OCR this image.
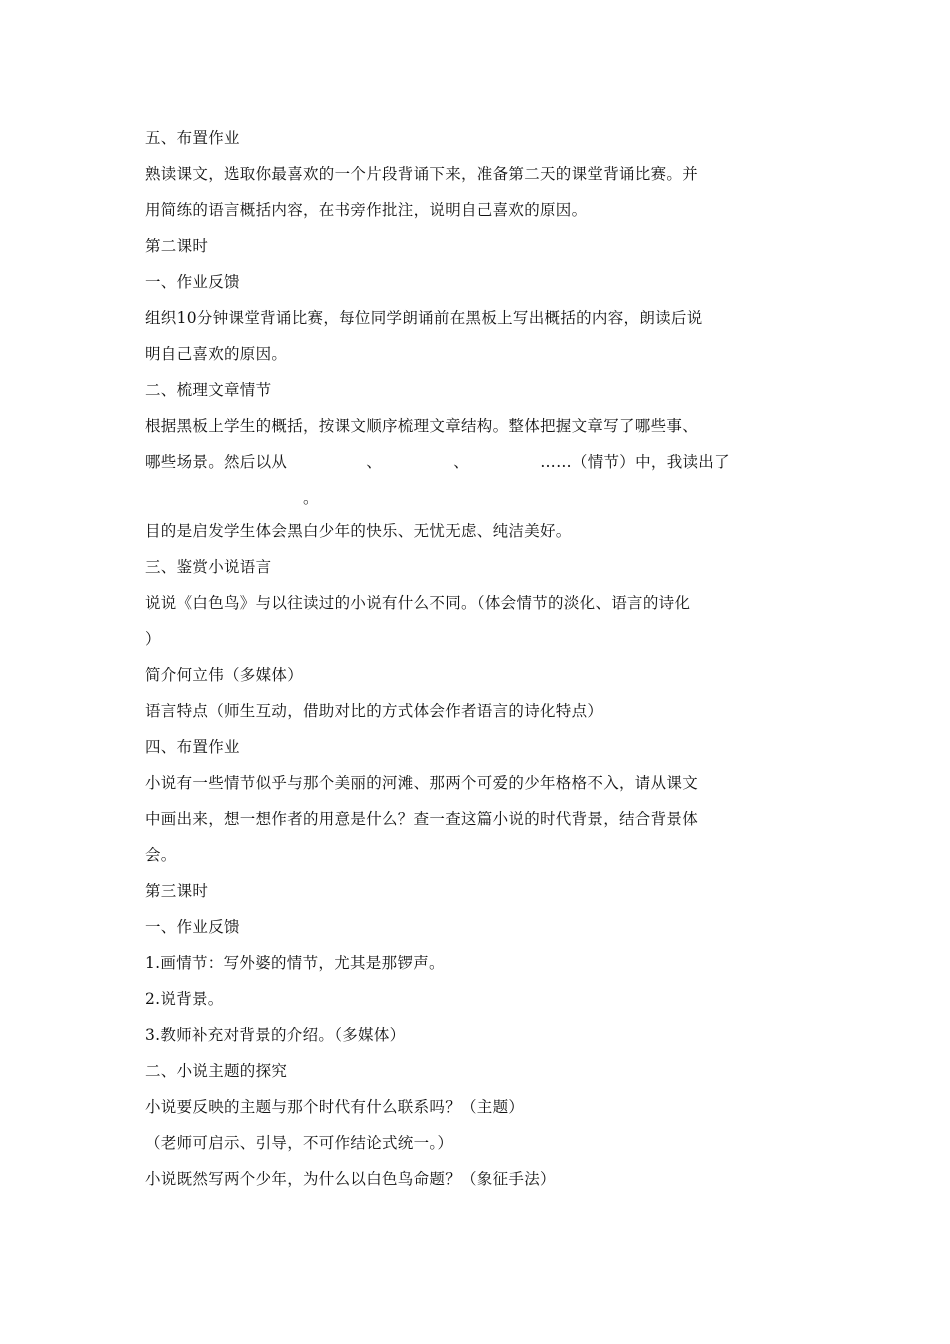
五、布置作业
熟读课文，选取你最喜欢的一个片段背诵下来，准备第二天的课堂背诵比赛。并
用简练的语言概括内容，在书旁作批注，说明自己喜欢的原因。
第二课时
一、作业反馈
组织10分钟课堂背诵比赛，每位同学朗诵前在黑板上写出概括的内容，朗读后说
明自己喜欢的原因。
二、梳理文章情节
根据黑板上学生的概括，按课文顺序梳理文章结构。整体把握文章写了哪些事、
哪些场景。然后以从　　　　　、　　　　　、　　　　　……（情节）中，我读出了
　　　　　　　　　　。
目的是启发学生体会黑白少年的快乐、无忧无虑、纯洁美好。
三、鉴赏小说语言
说说《白色鸟》与以往读过的小说有什么不同。（体会情节的淡化、语言的诗化
）
简介何立伟（多媒体）
语言特点（师生互动，借助对比的方式体会作者语言的诗化特点）
四、布置作业
小说有一些情节似乎与那个美丽的河滩、那两个可爱的少年格格不入，请从课文
中画出来，想一想作者的用意是什么？查一查这篇小说的时代背景，结合背景体
会。
第三课时
一、作业反馈
1.画情节：写外婆的情节，尤其是那锣声。
2.说背景。
3.教师补充对背景的介绍。（多媒体）
二、小说主题的探究
小说要反映的主题与那个时代有什么联系吗？（主题）
（老师可启示、引导，不可作结论式统一。）
小说既然写两个少年，为什么以白色鸟命题？（象征手法）
